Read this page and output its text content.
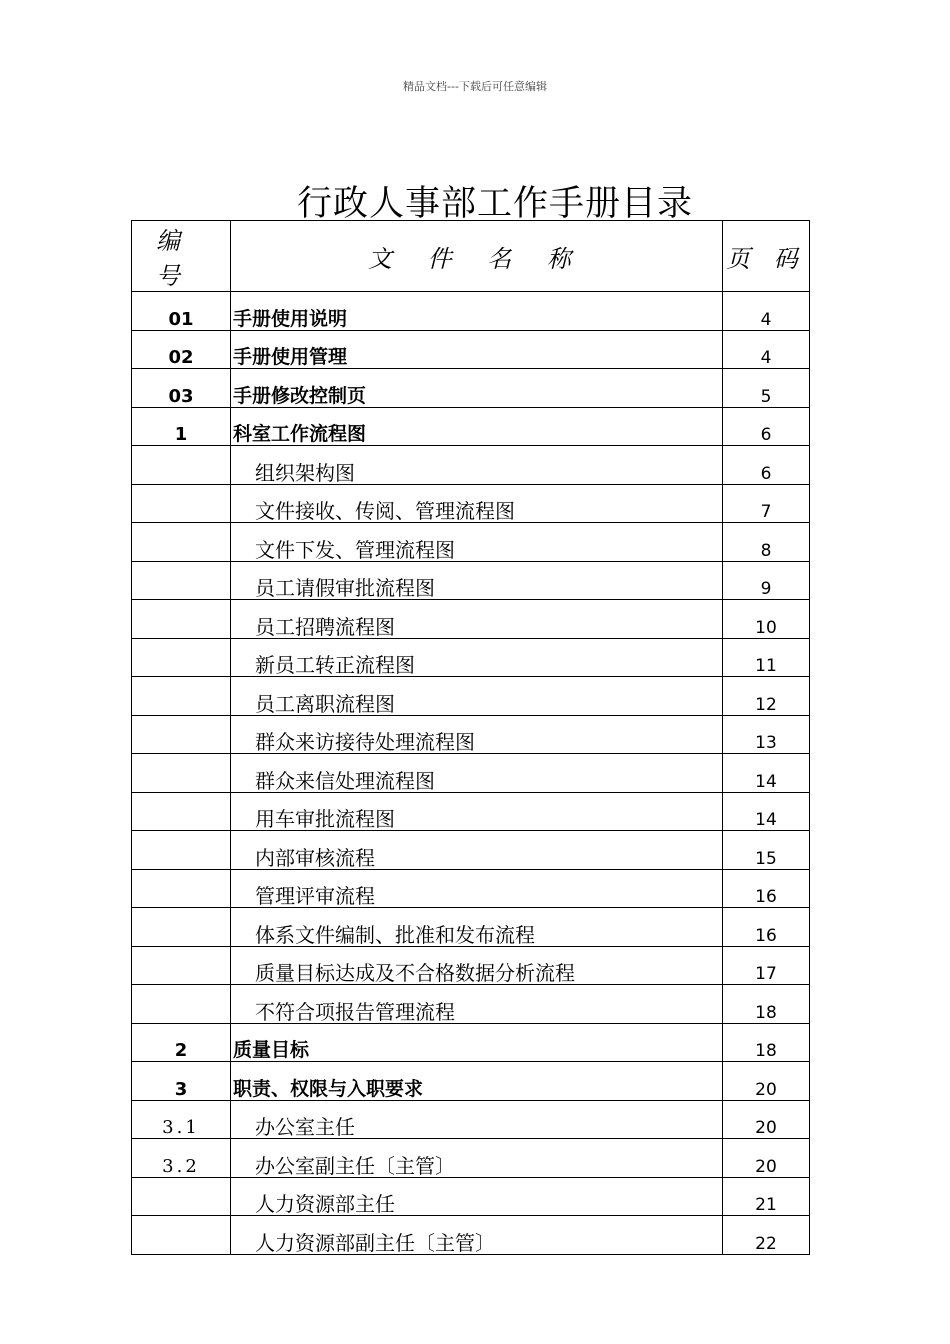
精品文档---下载后可任意编辑
行政人事部工作手册目录
编 号	文 件 名 称	页 码
01	手册使用说明	4
02	手册使用管理	4
03	手册修改控制页	5
1	科室工作流程图	6
	组织架构图	6
	文件接收、传阅、管理流程图	7
	文件下发、管理流程图	8
	员工请假审批流程图	9
	员工招聘流程图	10
	新员工转正流程图	11
	员工离职流程图	12
	群众来访接待处理流程图	13
	群众来信处理流程图	14
	用车审批流程图	14
	内部审核流程	15
	管理评审流程	16
	体系文件编制、批准和发布流程	16
	质量目标达成及不合格数据分析流程	17
	不符合项报告管理流程	18
2	质量目标	18
3	职责、权限与入职要求	20
3.1	办公室主任	20
3.2	办公室副主任〔主管〕	20
	人力资源部主任	21
	人力资源部副主任〔主管〕	22
